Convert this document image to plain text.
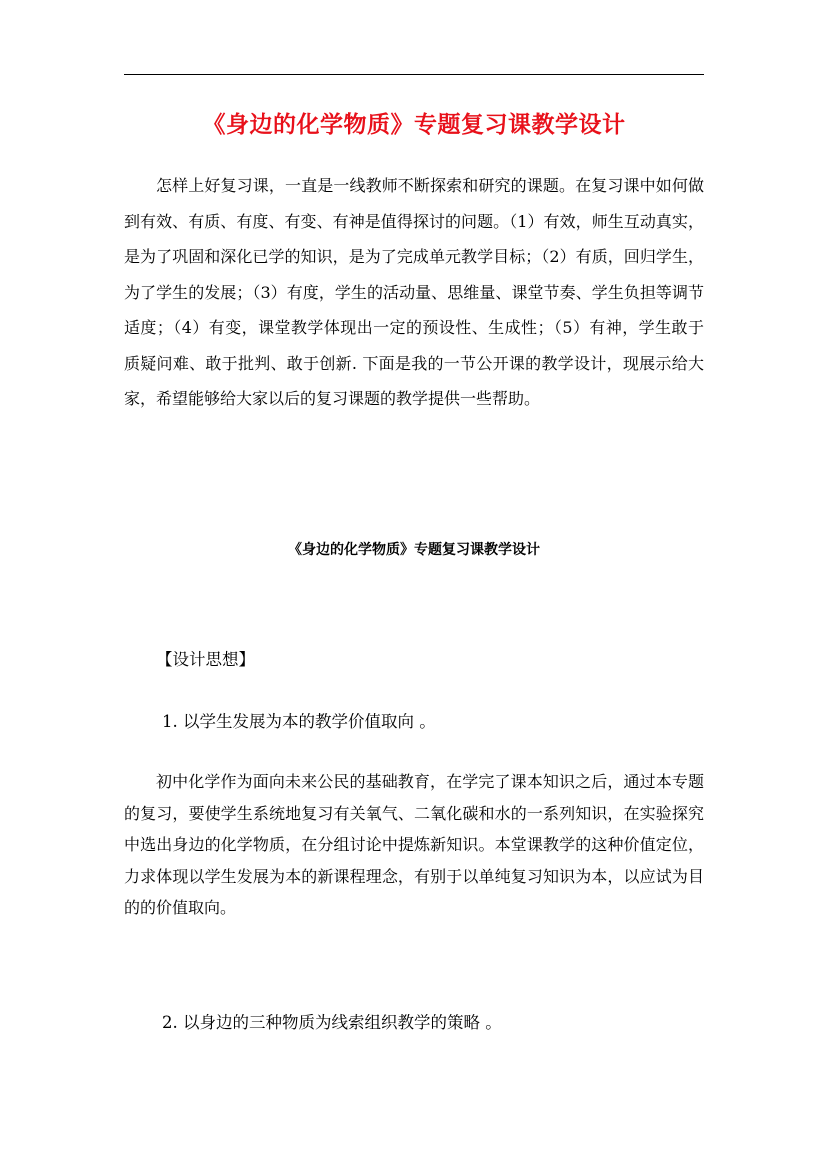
《身边的化学物质》专题复习课教学设计

怎样上好复习课，一直是一线教师不断探索和研究的课题。在复习课中如何做到有效、有质、有度、有变、有神是值得探讨的问题。（1）有效，师生互动真实，是为了巩固和深化已学的知识，是为了完成单元教学目标；（2）有质，回归学生，为了学生的发展；（3）有度，学生的活动量、思维量、课堂节奏、学生负担等调节适度；（4）有变，课堂教学体现出一定的预设性、生成性；（5）有神，学生敢于质疑问难、敢于批判、敢于创新. 下面是我的一节公开课的教学设计，现展示给大家，希望能够给大家以后的复习课题的教学提供一些帮助。

《身边的化学物质》专题复习课教学设计
【设计思想】
1. 以学生发展为本的教学价值取向 。

初中化学作为面向未来公民的基础教育，在学完了课本知识之后，通过本专题的复习，要使学生系统地复习有关氧气、二氧化碳和水的一系列知识，在实验探究中选出身边的化学物质，在分组讨论中提炼新知识。本堂课教学的这种价值定位，力求体现以学生发展为本的新课程理念，有别于以单纯复习知识为本，以应试为目的的价值取向。

2. 以身边的三种物质为线索组织教学的策略 。
